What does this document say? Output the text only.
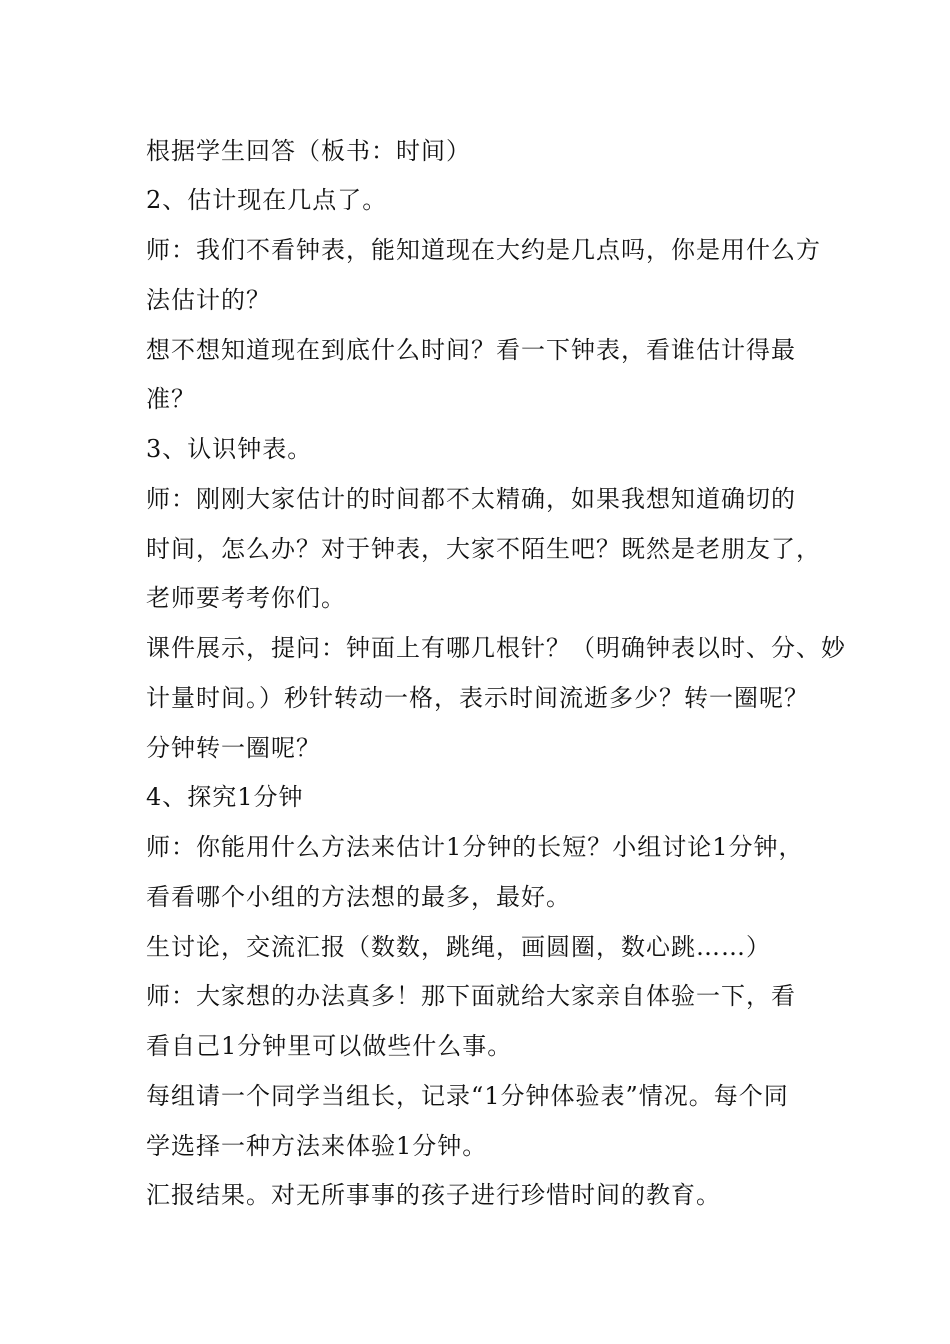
根据学生回答（板书：时间）
2、估计现在几点了。
师：我们不看钟表，能知道现在大约是几点吗，你是用什么方
法估计的？
想不想知道现在到底什么时间？看一下钟表，看谁估计得最
准？
3、认识钟表。
师：刚刚大家估计的时间都不太精确，如果我想知道确切的
时间，怎么办？对于钟表，大家不陌生吧？既然是老朋友了，
老师要考考你们。
课件展示，提问：钟面上有哪几根针？（明确钟表以时、分、妙
计量时间。）秒针转动一格，表示时间流逝多少？转一圈呢？
分钟转一圈呢？
4、探究1分钟
师：你能用什么方法来估计1分钟的长短？小组讨论1分钟，
看看哪个小组的方法想的最多，最好。
生讨论，交流汇报（数数，跳绳，画圆圈，数心跳……）
师：大家想的办法真多！那下面就给大家亲自体验一下，看
看自己1分钟里可以做些什么事。
每组请一个同学当组长，记录“1分钟体验表”情况。每个同
学选择一种方法来体验1分钟。
汇报结果。对无所事事的孩子进行珍惜时间的教育。
